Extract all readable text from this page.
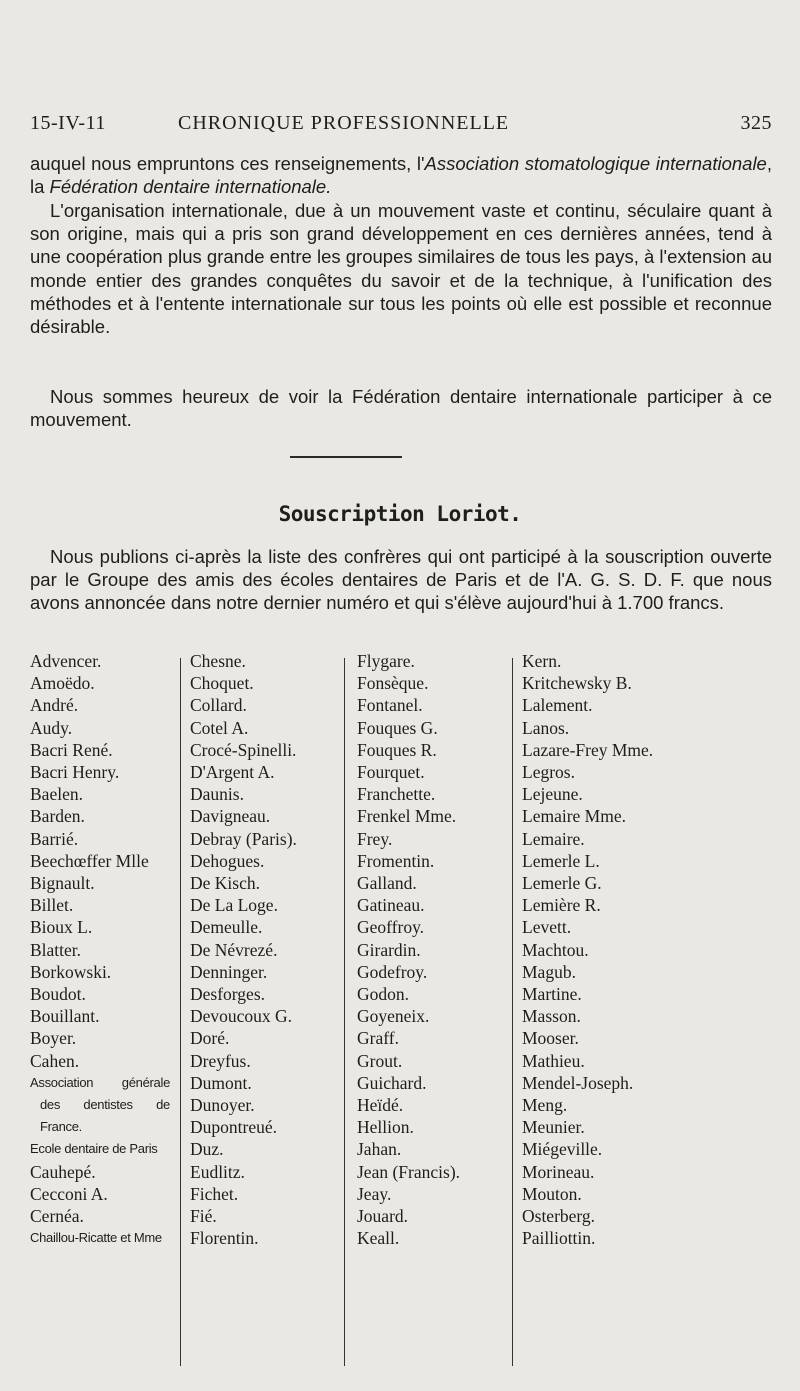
15-IV-11	CHRONIQUE PROFESSIONNELLE	325
auquel nous empruntons ces renseignements, l'Association stomatologique internationale, la Fédération dentaire internationale.
L'organisation internationale, due à un mouvement vaste et continu, séculaire quant à son origine, mais qui a pris son grand développement en ces dernières années, tend à une coopération plus grande entre les groupes similaires de tous les pays, à l'extension au monde entier des grandes conquêtes du savoir et de la technique, à l'unification des méthodes et à l'entente internationale sur tous les points où elle est possible et reconnue désirable.
Nous sommes heureux de voir la Fédération dentaire internationale participer à ce mouvement.
Souscription Loriot.
Nous publions ci-après la liste des confrères qui ont participé à la souscription ouverte par le Groupe des amis des écoles dentaires de Paris et de l'A. G. S. D. F. que nous avons annoncée dans notre dernier numéro et qui s'élève aujourd'hui à 1.700 francs.
Advencer.
Amoëdo.
André.
Audy.
Bacri René.
Bacri Henry.
Baelen.
Barden.
Barrié.
Beechœffer Mlle
Bignault.
Billet.
Bioux L.
Blatter.
Borkowski.
Boudot.
Bouillant.
Boyer.
Cahen.
Association générale
des dentistes de
France.
Ecole dentaire de Paris
Cauhepé.
Cecconi A.
Cernéa.
Chaillou-Ricatte et Mme
Chesne.
Choquet.
Collard.
Cotel A.
Crocé-Spinelli.
D'Argent A.
Daunis.
Davigneau.
Debray (Paris).
Dehogues.
De Kisch.
De La Loge.
Demeulle.
De Névrezé.
Denninger.
Desforges.
Devoucoux G.
Doré.
Dreyfus.
Dumont.
Dunoyer.
Dupontreué.
Duz.
Eudlitz.
Fichet.
Fié.
Florentin.
Flygare.
Fonsèque.
Fontanel.
Fouques G.
Fouques R.
Fourquet.
Franchette.
Frenkel Mme.
Frey.
Fromentin.
Galland.
Gatineau.
Geoffroy.
Girardin.
Godefroy.
Godon.
Goyeneix.
Graff.
Grout.
Guichard.
Heïdé.
Hellion.
Jahan.
Jean (Francis).
Jeay.
Jouard.
Keall.
Kern.
Kritchewsky B.
Lalement.
Lanos.
Lazare-Frey Mme.
Legros.
Lejeune.
Lemaire Mme.
Lemaire.
Lemerle L.
Lemerle G.
Lemière R.
Levett.
Machtou.
Magub.
Martine.
Masson.
Mooser.
Mathieu.
Mendel-Joseph.
Meng.
Meunier.
Miégeville.
Morineau.
Mouton.
Osterberg.
Pailliottin.
